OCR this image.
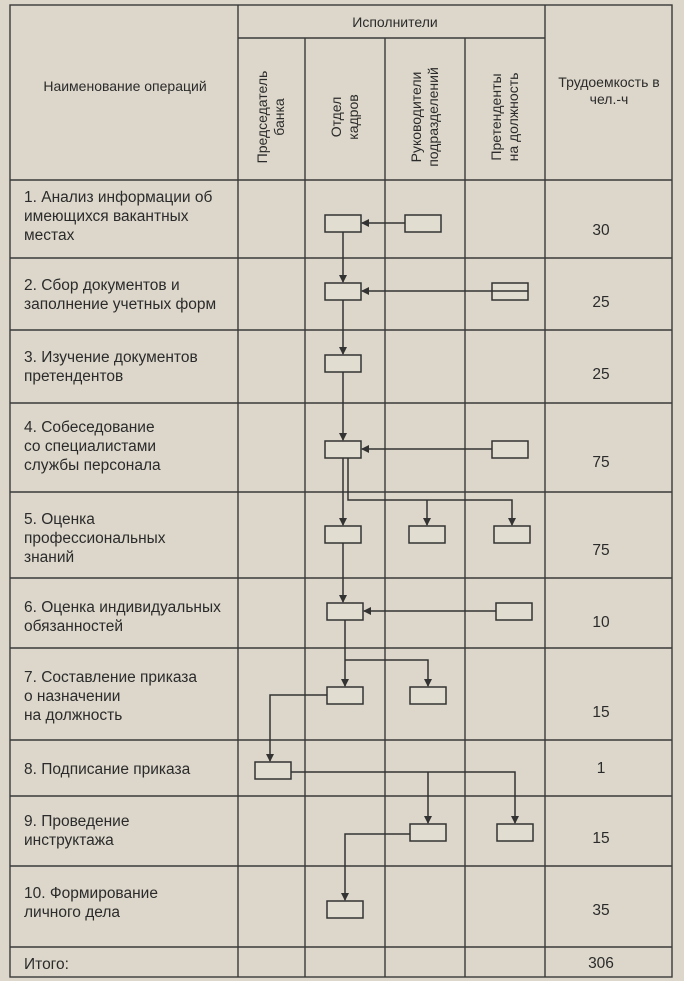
Наименование операций
Исполнители
Трудоемкость в чел.-ч
Председатель банка	Отдел кадров	Руководители подразделений	Претенденты на должность
1. Анализ информации об
имеющихся вакантных
местах	30
2. Сбор документов и
заполнение учетных форм	25
3. Изучение документов
претендентов	25
4. Собеседование
со специалистами
службы персонала	75
5. Оценка
профессиональных
знаний	75
6. Оценка индивидуальных
обязанностей	10
7. Составление приказа
о назначении
на должность	15
8. Подписание приказа	1
9. Проведение
инструктажа	15
10. Формирование
личного дела	35
Итого:	306
